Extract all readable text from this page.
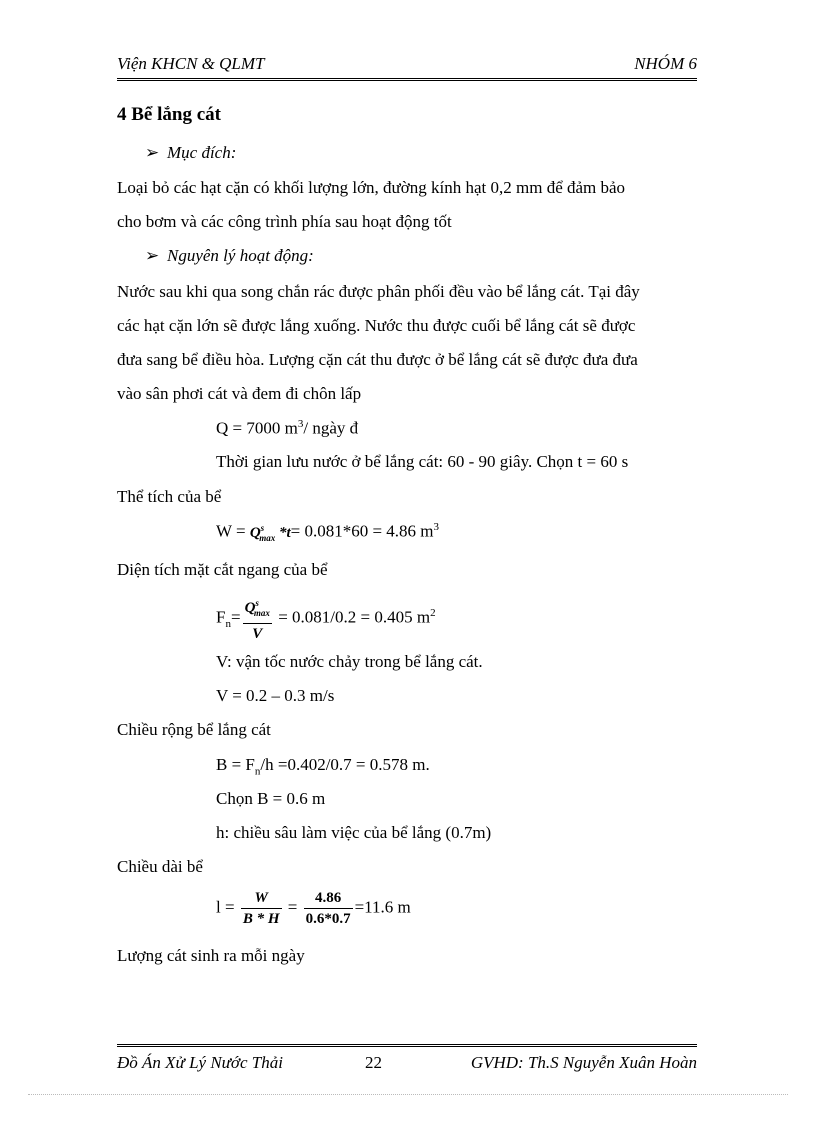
Viện KHCN & QLMT	NHÓM 6
4 Bể lắng cát
➢ Mục đích:
Loại bỏ các hạt cặn có khối lượng lớn, đường kính hạt 0,2 mm để đảm bảo
cho bơm và các công trình phía sau hoạt động tốt
➢ Nguyên lý hoạt động:
Nước sau khi qua song chắn rác được phân phối đều vào bể lắng cát. Tại đây
các hạt cặn lớn sẽ được lắng xuống. Nước thu được cuối bể lắng cát sẽ được
đưa sang bể điều hòa. Lượng cặn cát thu được ở bể lắng cát sẽ được đưa đưa
vào sân phơi cát và đem đi chôn lấp
Q = 7000 $m^3/$ ngày đ
Thời gian lưu nước ở bể lắng cát: 60 - 90 giây. Chọn t = 60 s
Thể tích của bể
$W = Q^s_{max}$ *t= 0.081*60 = 4.86 $m^3$
Diện tích mặt cắt ngang của bể
$F_n= \frac{Q^s_{max}}{V} = 0.081/0.2 = 0.405$ $m^2$
V: vận tốc nước chảy trong bể lắng cát.
V = 0.2 – 0.3 m/s
Chiều rộng bể lắng cát
$B = F_n/h =0.402/0.7 = 0.578$ m.
Chọn B = 0.6 m
h: chiều sâu làm việc của bể lắng (0.7m)
Chiều dài bể
$l = \frac{W}{B * H} = \frac{4.86}{0.6*0.7} =11.6$ m
Lượng cát sinh ra mỗi ngày
Đồ Án Xử Lý Nước Thải	22	GVHD: Th.S Nguyễn Xuân Hoàn
